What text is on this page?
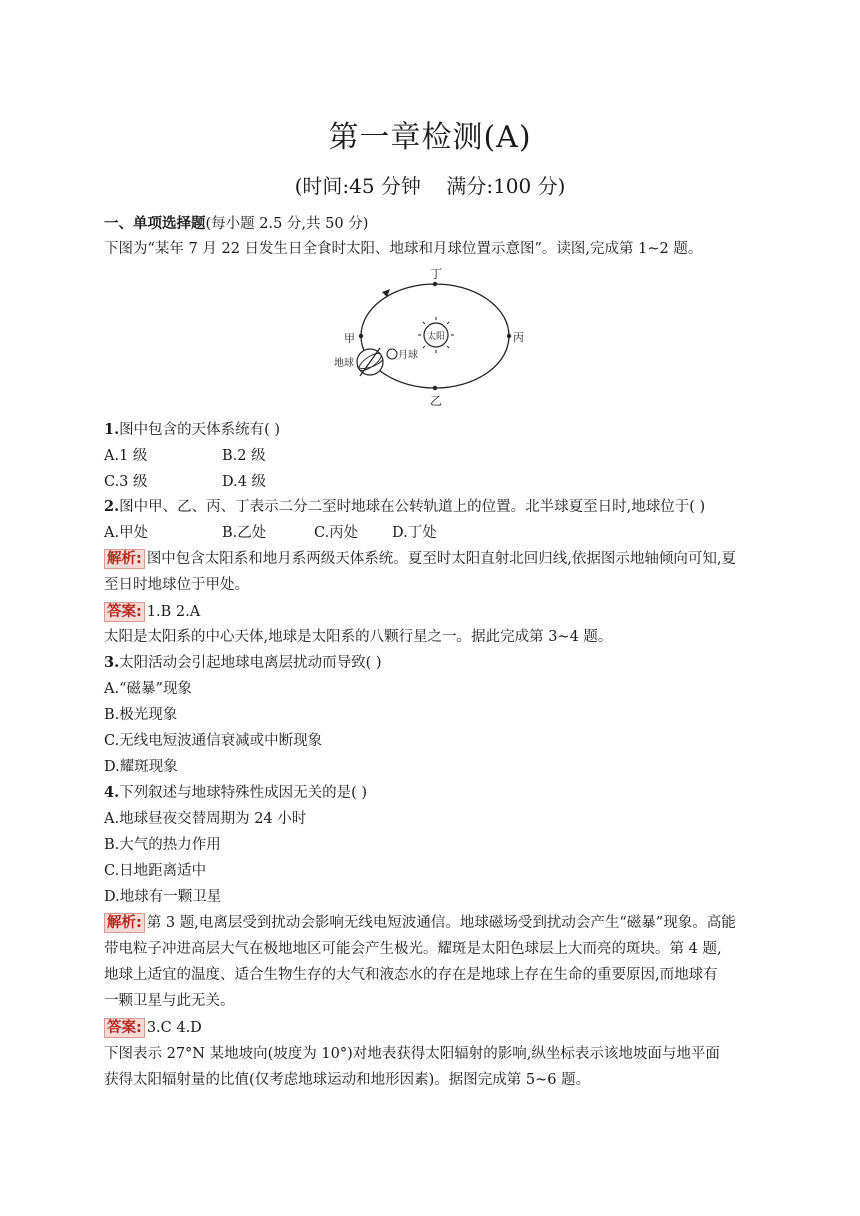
第一章检测(A)
(时间:45 分钟    满分:100 分)
一、单项选择题(每小题 2.5 分,共 50 分)
下图为“某年 7 月 22 日发生日全食时太阳、地球和月球位置示意图”。读图,完成第 1~2 题。
丁
乙
甲	丙
太阳
地球
月球
1.图中包含的天体系统有( )
A.1 级	B.2 级
C.3 级	D.4 级
2.图中甲、乙、丙、丁表示二分二至时地球在公转轨道上的位置。北半球夏至日时,地球位于( )
A.甲处	B.乙处	C.丙处 D.丁处
解析: 图中包含太阳系和地月系两级天体系统。夏至时太阳直射北回归线,依据图示地轴倾向可知,夏
至日时地球位于甲处。
答案: 1.B 2.A
太阳是太阳系的中心天体,地球是太阳系的八颗行星之一。据此完成第 3~4 题。
3.太阳活动会引起地球电离层扰动而导致( )
A.“磁暴”现象
B.极光现象
C.无线电短波通信衰减或中断现象
D.耀斑现象
4.下列叙述与地球特殊性成因无关的是( )
A.地球昼夜交替周期为 24 小时
B.大气的热力作用
C.日地距离适中
D.地球有一颗卫星
解析: 第 3 题,电离层受到扰动会影响无线电短波通信。地球磁场受到扰动会产生“磁暴”现象。高能
带电粒子冲进高层大气在极地地区可能会产生极光。耀斑是太阳色球层上大而亮的斑块。第 4 题,
地球上适宜的温度、适合生物生存的大气和液态水的存在是地球上存在生命的重要原因,而地球有
一颗卫星与此无关。
答案: 3.C 4.D
下图表示 27°N 某地坡向(坡度为 10°)对地表获得太阳辐射的影响,纵坐标表示该地坡面与地平面
获得太阳辐射量的比值(仅考虑地球运动和地形因素)。据图完成第 5~6 题。
